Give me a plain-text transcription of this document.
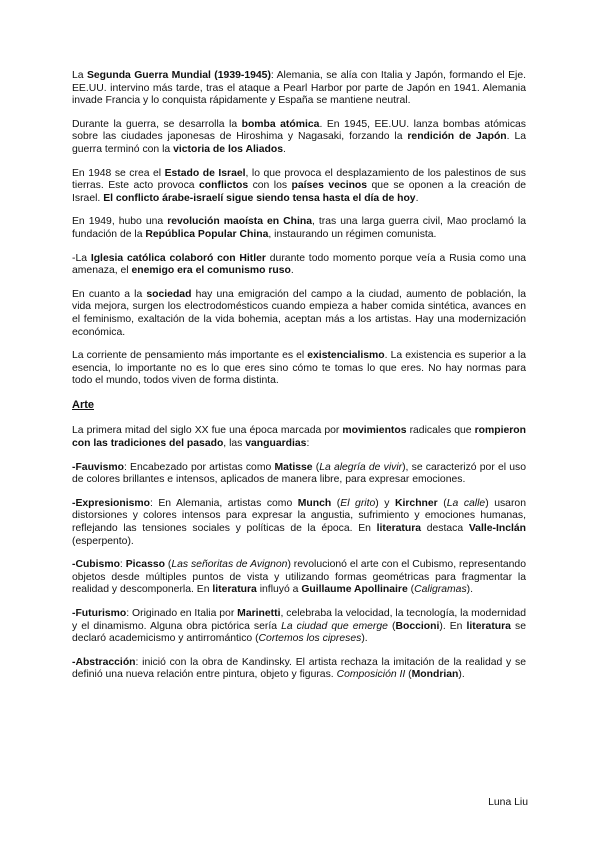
La Segunda Guerra Mundial (1939-1945): Alemania, se alía con Italia y Japón, formando el Eje. EE.UU. intervino más tarde, tras el ataque a Pearl Harbor por parte de Japón en 1941. Alemania invade Francia y lo conquista rápidamente y España se mantiene neutral.

Durante la guerra, se desarrolla la bomba atómica. En 1945, EE.UU. lanza bombas atómicas sobre las ciudades japonesas de Hiroshima y Nagasaki, forzando la rendición de Japón. La guerra terminó con la victoria de los Aliados.

En 1948 se crea el Estado de Israel, lo que provoca el desplazamiento de los palestinos de sus tierras. Este acto provoca conflictos con los países vecinos que se oponen a la creación de Israel. El conflicto árabe-israelí sigue siendo tensa hasta el día de hoy.

En 1949, hubo una revolución maoísta en China, tras una larga guerra civil, Mao proclamó la fundación de la República Popular China, instaurando un régimen comunista.

-La Iglesia católica colaboró con Hitler durante todo momento porque veía a Rusia como una amenaza, el enemigo era el comunismo ruso.

En cuanto a la sociedad hay una emigración del campo a la ciudad, aumento de población, la vida mejora, surgen los electrodomésticos cuando empieza a haber comida sintética, avances en el feminismo, exaltación de la vida bohemia, aceptan más a los artistas. Hay una modernización económica.

La corriente de pensamiento más importante es el existencialismo. La existencia es superior a la esencia, lo importante no es lo que eres sino cómo te tomas lo que eres. No hay normas para todo el mundo, todos viven de forma distinta.

Arte

La primera mitad del siglo XX fue una época marcada por movimientos radicales que rompieron con las tradiciones del pasado, las vanguardias:

-Fauvismo: Encabezado por artistas como Matisse (La alegría de vivir), se caracterizó por el uso de colores brillantes e intensos, aplicados de manera libre, para expresar emociones.

-Expresionismo: En Alemania, artistas como Munch (El grito) y Kirchner (La calle) usaron distorsiones y colores intensos para expresar la angustia, sufrimiento y emociones humanas, reflejando las tensiones sociales y políticas de la época. En literatura destaca Valle-Inclán (esperpento).

-Cubismo: Picasso (Las señoritas de Avignon) revolucionó el arte con el Cubismo, representando objetos desde múltiples puntos de vista y utilizando formas geométricas para fragmentar la realidad y descomponerla. En literatura influyó a Guillaume Apollinaire (Caligramas).

-Futurismo: Originado en Italia por Marinetti, celebraba la velocidad, la tecnología, la modernidad y el dinamismo. Alguna obra pictórica sería La ciudad que emerge (Boccioni). En literatura se declaró academicismo y antirromántico (Cortemos los cipreses).

-Abstracción: inició con la obra de Kandinsky. El artista rechaza la imitación de la realidad y se definió una nueva relación entre pintura, objeto y figuras. Composición II (Mondrian).

Luna Liu
